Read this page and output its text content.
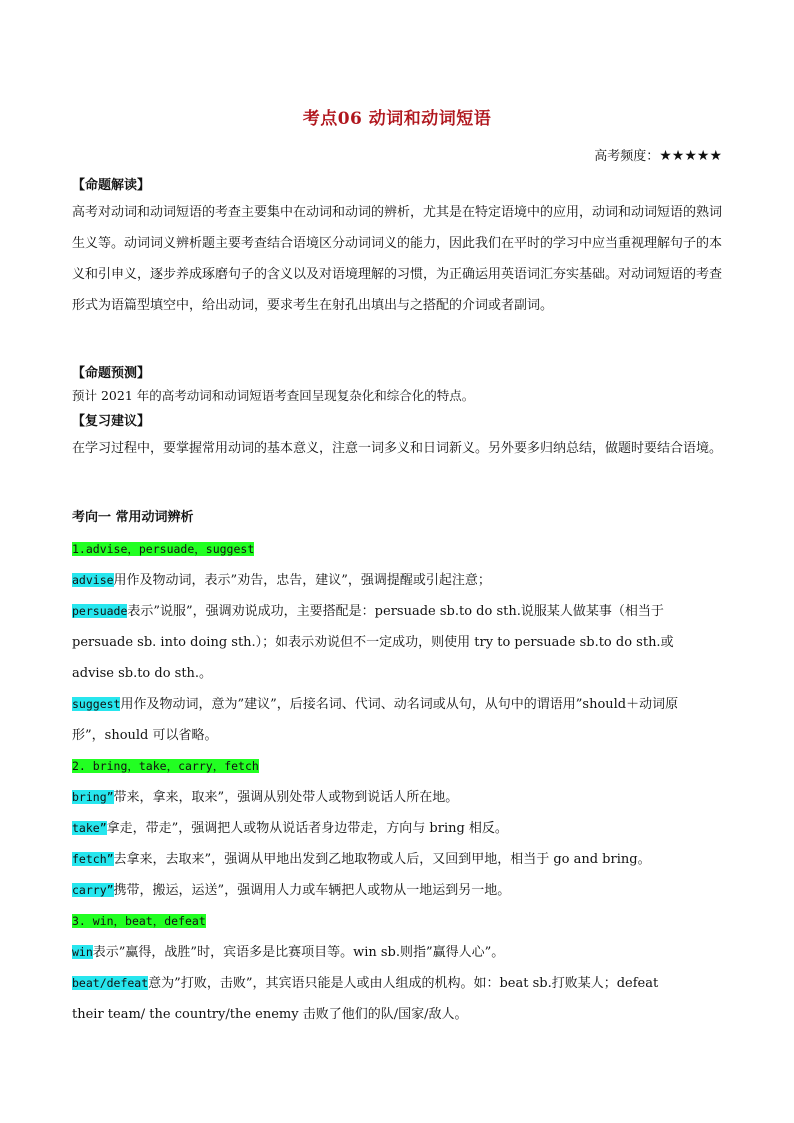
考点06 动词和动词短语
高考频度：★★★★★
【命题解读】
高考对动词和动词短语的考查主要集中在动词和动词的辨析，尤其是在特定语境中的应用，动词和动词短语的熟词生义等。动词词义辨析题主要考查结合语境区分动词词义的能力，因此我们在平时的学习中应当重视理解句子的本义和引申义，逐步养成琢磨句子的含义以及对语境理解的习惯，为正确运用英语词汇夯实基础。对动词短语的考查形式为语篇型填空中，给出动词，要求考生在射孔出填出与之搭配的介词或者副词。
【命题预测】
预计 2021 年的高考动词和动词短语考查回呈现复杂化和综合化的特点。
【复习建议】
在学习过程中，要掌握常用动词的基本意义，注意一词多义和日词新义。另外要多归纳总结，做题时要结合语境。
考向一 常用动词辨析
1.advise，persuade，suggest
advise用作及物动词，表示”劝告，忠告，建议”，强调提醒或引起注意；
persuade表示”说服”，强调劝说成功，主要搭配是：persuade sb.to do sth.说服某人做某事（相当于
persuade sb. into doing sth.）；如表示劝说但不一定成功，则使用 try to persuade sb.to do sth.或
advise sb.to do sth.。
suggest用作及物动词，意为”建议”，后接名词、代词、动名词或从句，从句中的谓语用”should＋动词原
形”，should 可以省略。
2. bring，take，carry，fetch
bring”带来，拿来，取来”，强调从别处带人或物到说话人所在地。
take”拿走，带走”，强调把人或物从说话者身边带走，方向与 bring 相反。
fetch”去拿来，去取来”，强调从甲地出发到乙地取物或人后，又回到甲地，相当于 go and bring。
carry”携带，搬运，运送”，强调用人力或车辆把人或物从一地运到另一地。
3. win，beat，defeat
win表示”赢得，战胜”时，宾语多是比赛项目等。win sb.则指”赢得人心”。
beat/defeat意为”打败，击败”，其宾语只能是人或由人组成的机构。如：beat sb.打败某人；defeat
their team/ the country/the enemy 击败了他们的队/国家/敌人。
